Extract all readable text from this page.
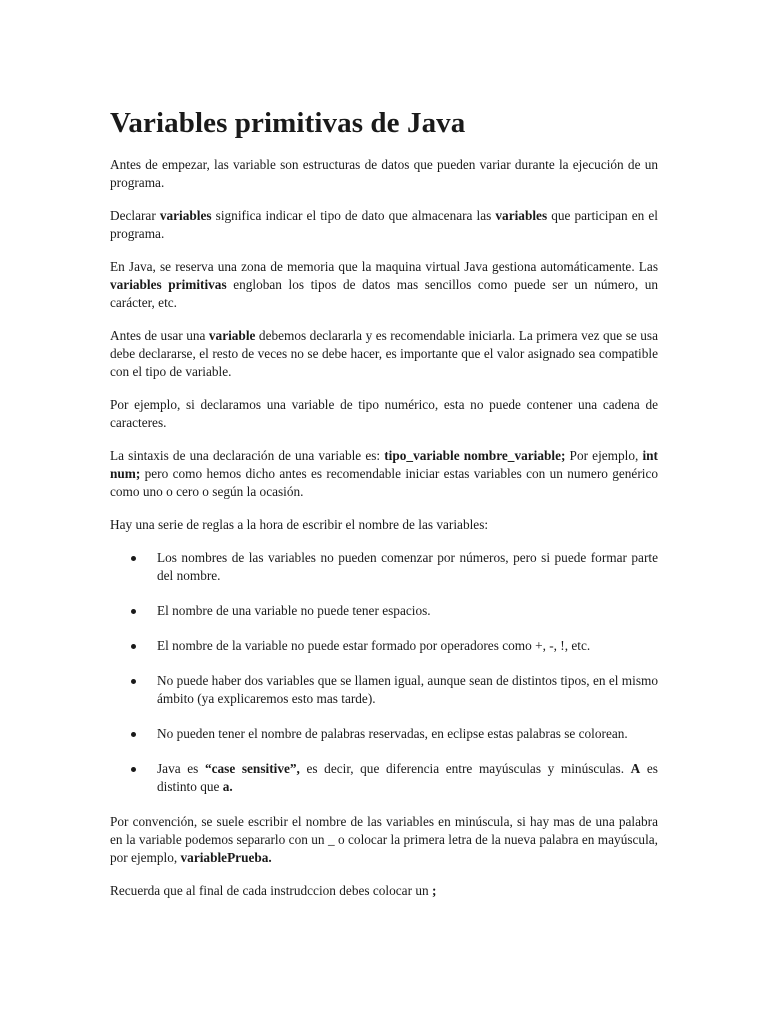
Variables primitivas de Java

Antes de empezar, las variable son estructuras de datos que pueden variar durante la ejecución de un programa.

Declarar variables significa indicar el tipo de dato que almacenara las variables que participan en el programa.

En Java, se reserva una zona de memoria que la maquina virtual Java gestiona automáticamente. Las variables primitivas engloban los tipos de datos mas sencillos como puede ser un número, un carácter, etc.

Antes de usar una variable debemos declararla y es recomendable iniciarla. La primera vez que se usa debe declararse, el resto de veces no se debe hacer, es importante que el valor asignado sea compatible con el tipo de variable.

Por ejemplo, si declaramos una variable de tipo numérico, esta no puede contener una cadena de caracteres.

La sintaxis de una declaración de una variable es: tipo_variable nombre_variable; Por ejemplo, int num; pero como hemos dicho antes es recomendable iniciar estas variables con un numero genérico como uno o cero o según la ocasión.

Hay una serie de reglas a la hora de escribir el nombre de las variables:

Los nombres de las variables no pueden comenzar por números, pero si puede formar parte del nombre.
El nombre de una variable no puede tener espacios.
El nombre de la variable no puede estar formado por operadores como +, -, !, etc.
No puede haber dos variables que se llamen igual, aunque sean de distintos tipos, en el mismo ámbito (ya explicaremos esto mas tarde).
No pueden tener el nombre de palabras reservadas, en eclipse estas palabras se colorean.
Java es “case sensitive”, es decir, que diferencia entre mayúsculas y minúsculas. A es distinto que a.

Por convención, se suele escribir el nombre de las variables en minúscula, si hay mas de una palabra en la variable podemos separarlo con un _ o colocar la primera letra de la nueva palabra en mayúscula, por ejemplo, variablePrueba.

Recuerda que al final de cada instrudccion debes colocar un ;
